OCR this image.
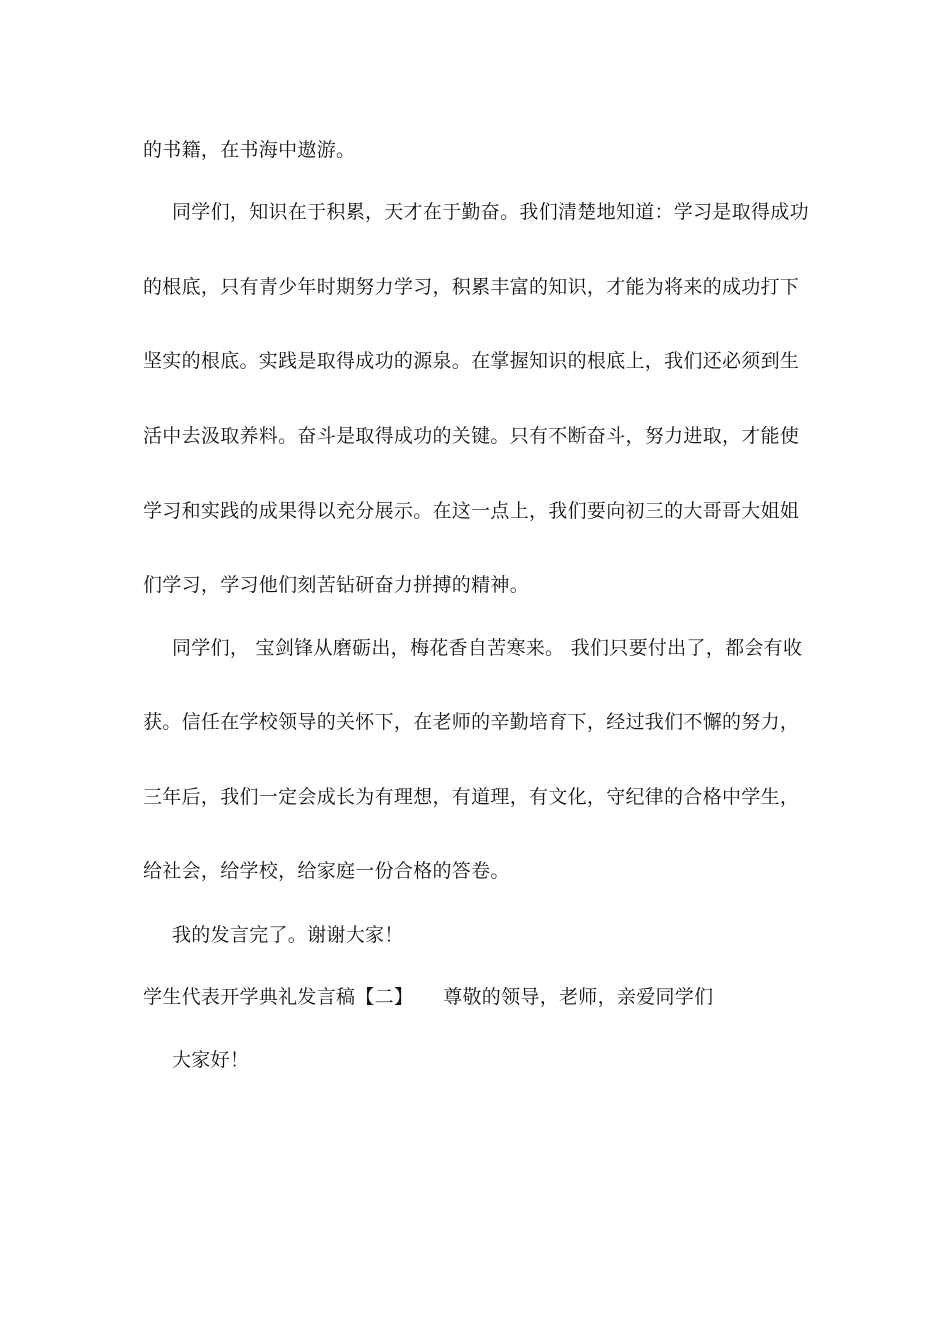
的书籍，在书海中遨游。
同学们，知识在于积累，天才在于勤奋。我们清楚地知道：学习是取得成功
的根底，只有青少年时期努力学习，积累丰富的知识，才能为将来的成功打下
坚实的根底。实践是取得成功的源泉。在掌握知识的根底上，我们还必须到生
活中去汲取养料。奋斗是取得成功的关键。只有不断奋斗，努力进取，才能使
学习和实践的成果得以充分展示。在这一点上，我们要向初三的大哥哥大姐姐
们学习，学习他们刻苦钻研奋力拼搏的精神。
同学们， 宝剑锋从磨砺出，梅花香自苦寒来。 我们只要付出了，都会有收
获。信任在学校领导的关怀下，在老师的辛勤培育下，经过我们不懈的努力，
三年后，我们一定会成长为有理想，有道理，有文化，守纪律的合格中学生，
给社会，给学校，给家庭一份合格的答卷。
我的发言完了。谢谢大家！
学生代表开学典礼发言稿【二】 尊敬的领导，老师，亲爱同学们
大家好！
